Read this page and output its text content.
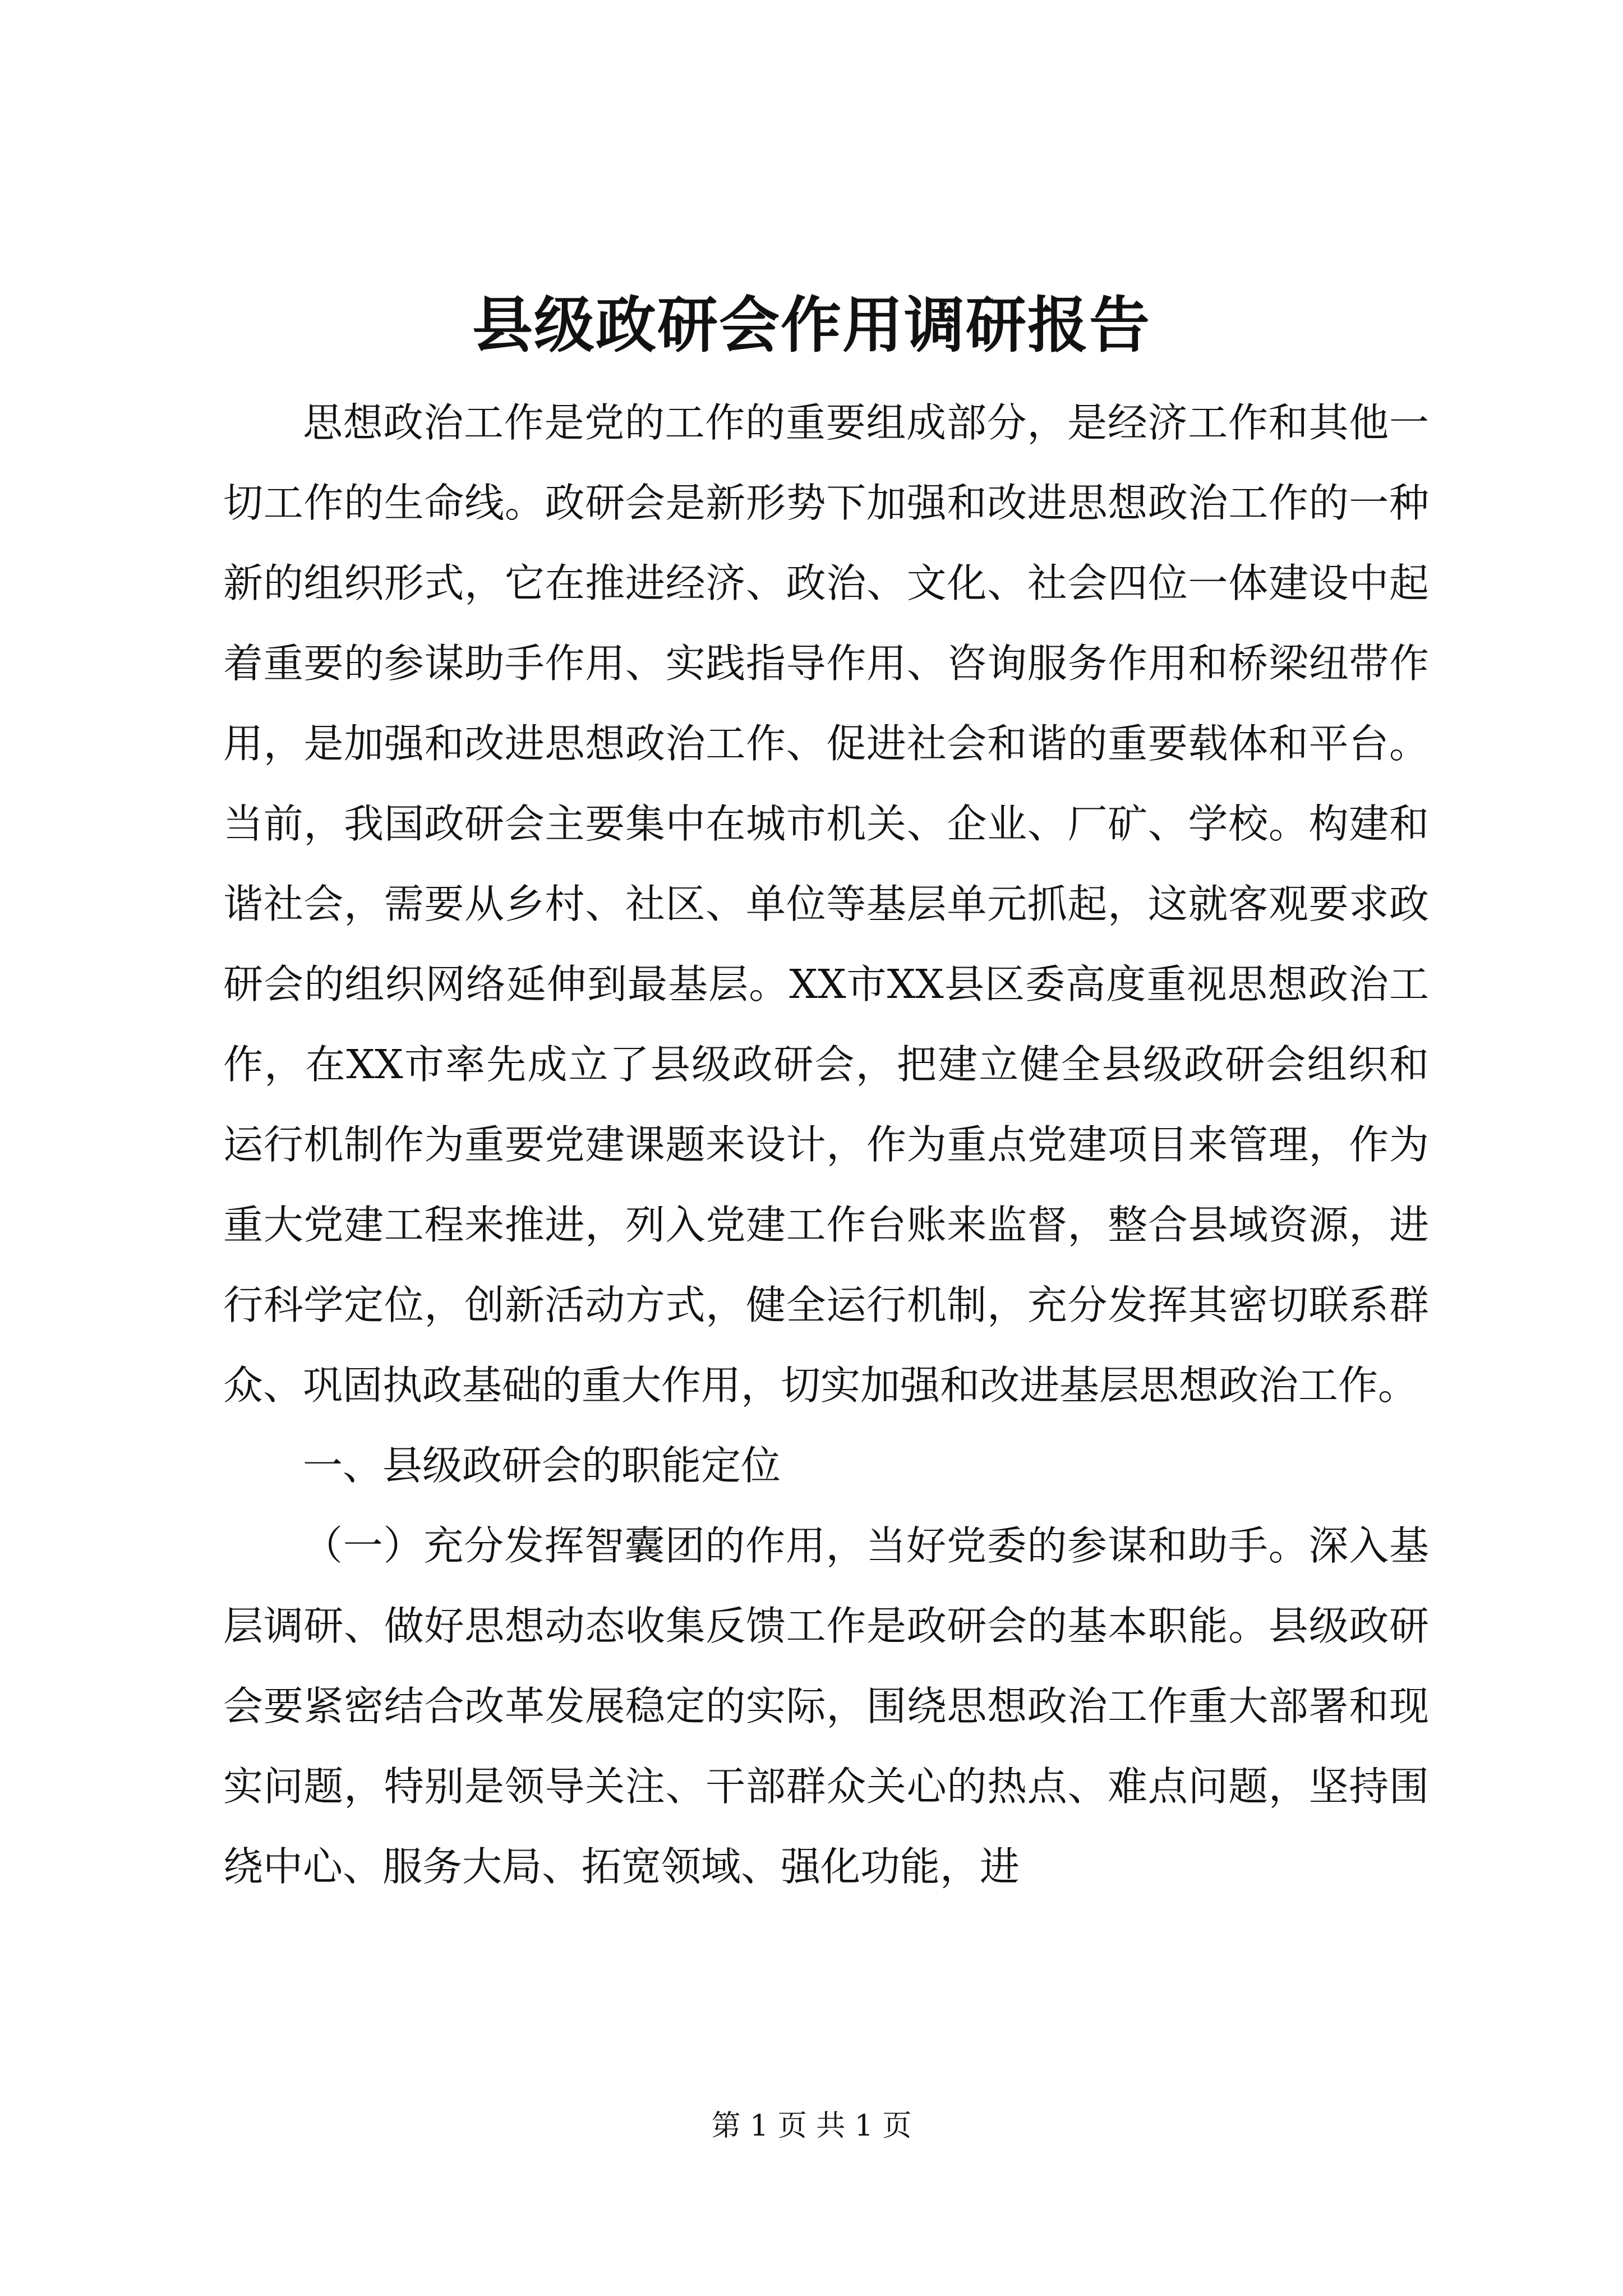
县级政研会作用调研报告

思想政治工作是党的工作的重要组成部分，是经济工作和其他一切工作的生命线。政研会是新形势下加强和改进思想政治工作的一种新的组织形式，它在推进经济、政治、文化、社会四位一体建设中起着重要的参谋助手作用、实践指导作用、咨询服务作用和桥梁纽带作用，是加强和改进思想政治工作、促进社会和谐的重要载体和平台。当前，我国政研会主要集中在城市机关、企业、厂矿、学校。构建和谐社会，需要从乡村、社区、单位等基层单元抓起，这就客观要求政研会的组织网络延伸到最基层。XX市XX县区委高度重视思想政治工作，在XX市率先成立了县级政研会，把建立健全县级政研会组织和运行机制作为重要党建课题来设计，作为重点党建项目来管理，作为重大党建工程来推进，列入党建工作台账来监督，整合县域资源，进行科学定位，创新活动方式，健全运行机制，充分发挥其密切联系群众、巩固执政基础的重大作用，切实加强和改进基层思想政治工作。

一、县级政研会的职能定位

（一）充分发挥智囊团的作用，当好党委的参谋和助手。深入基层调研、做好思想动态收集反馈工作是政研会的基本职能。县级政研会要紧密结合改革发展稳定的实际，围绕思想政治工作重大部署和现实问题，特别是领导关注、干部群众关心的热点、难点问题，坚持围绕中心、服务大局、拓宽领域、强化功能，进

第 1 页 共 1 页
